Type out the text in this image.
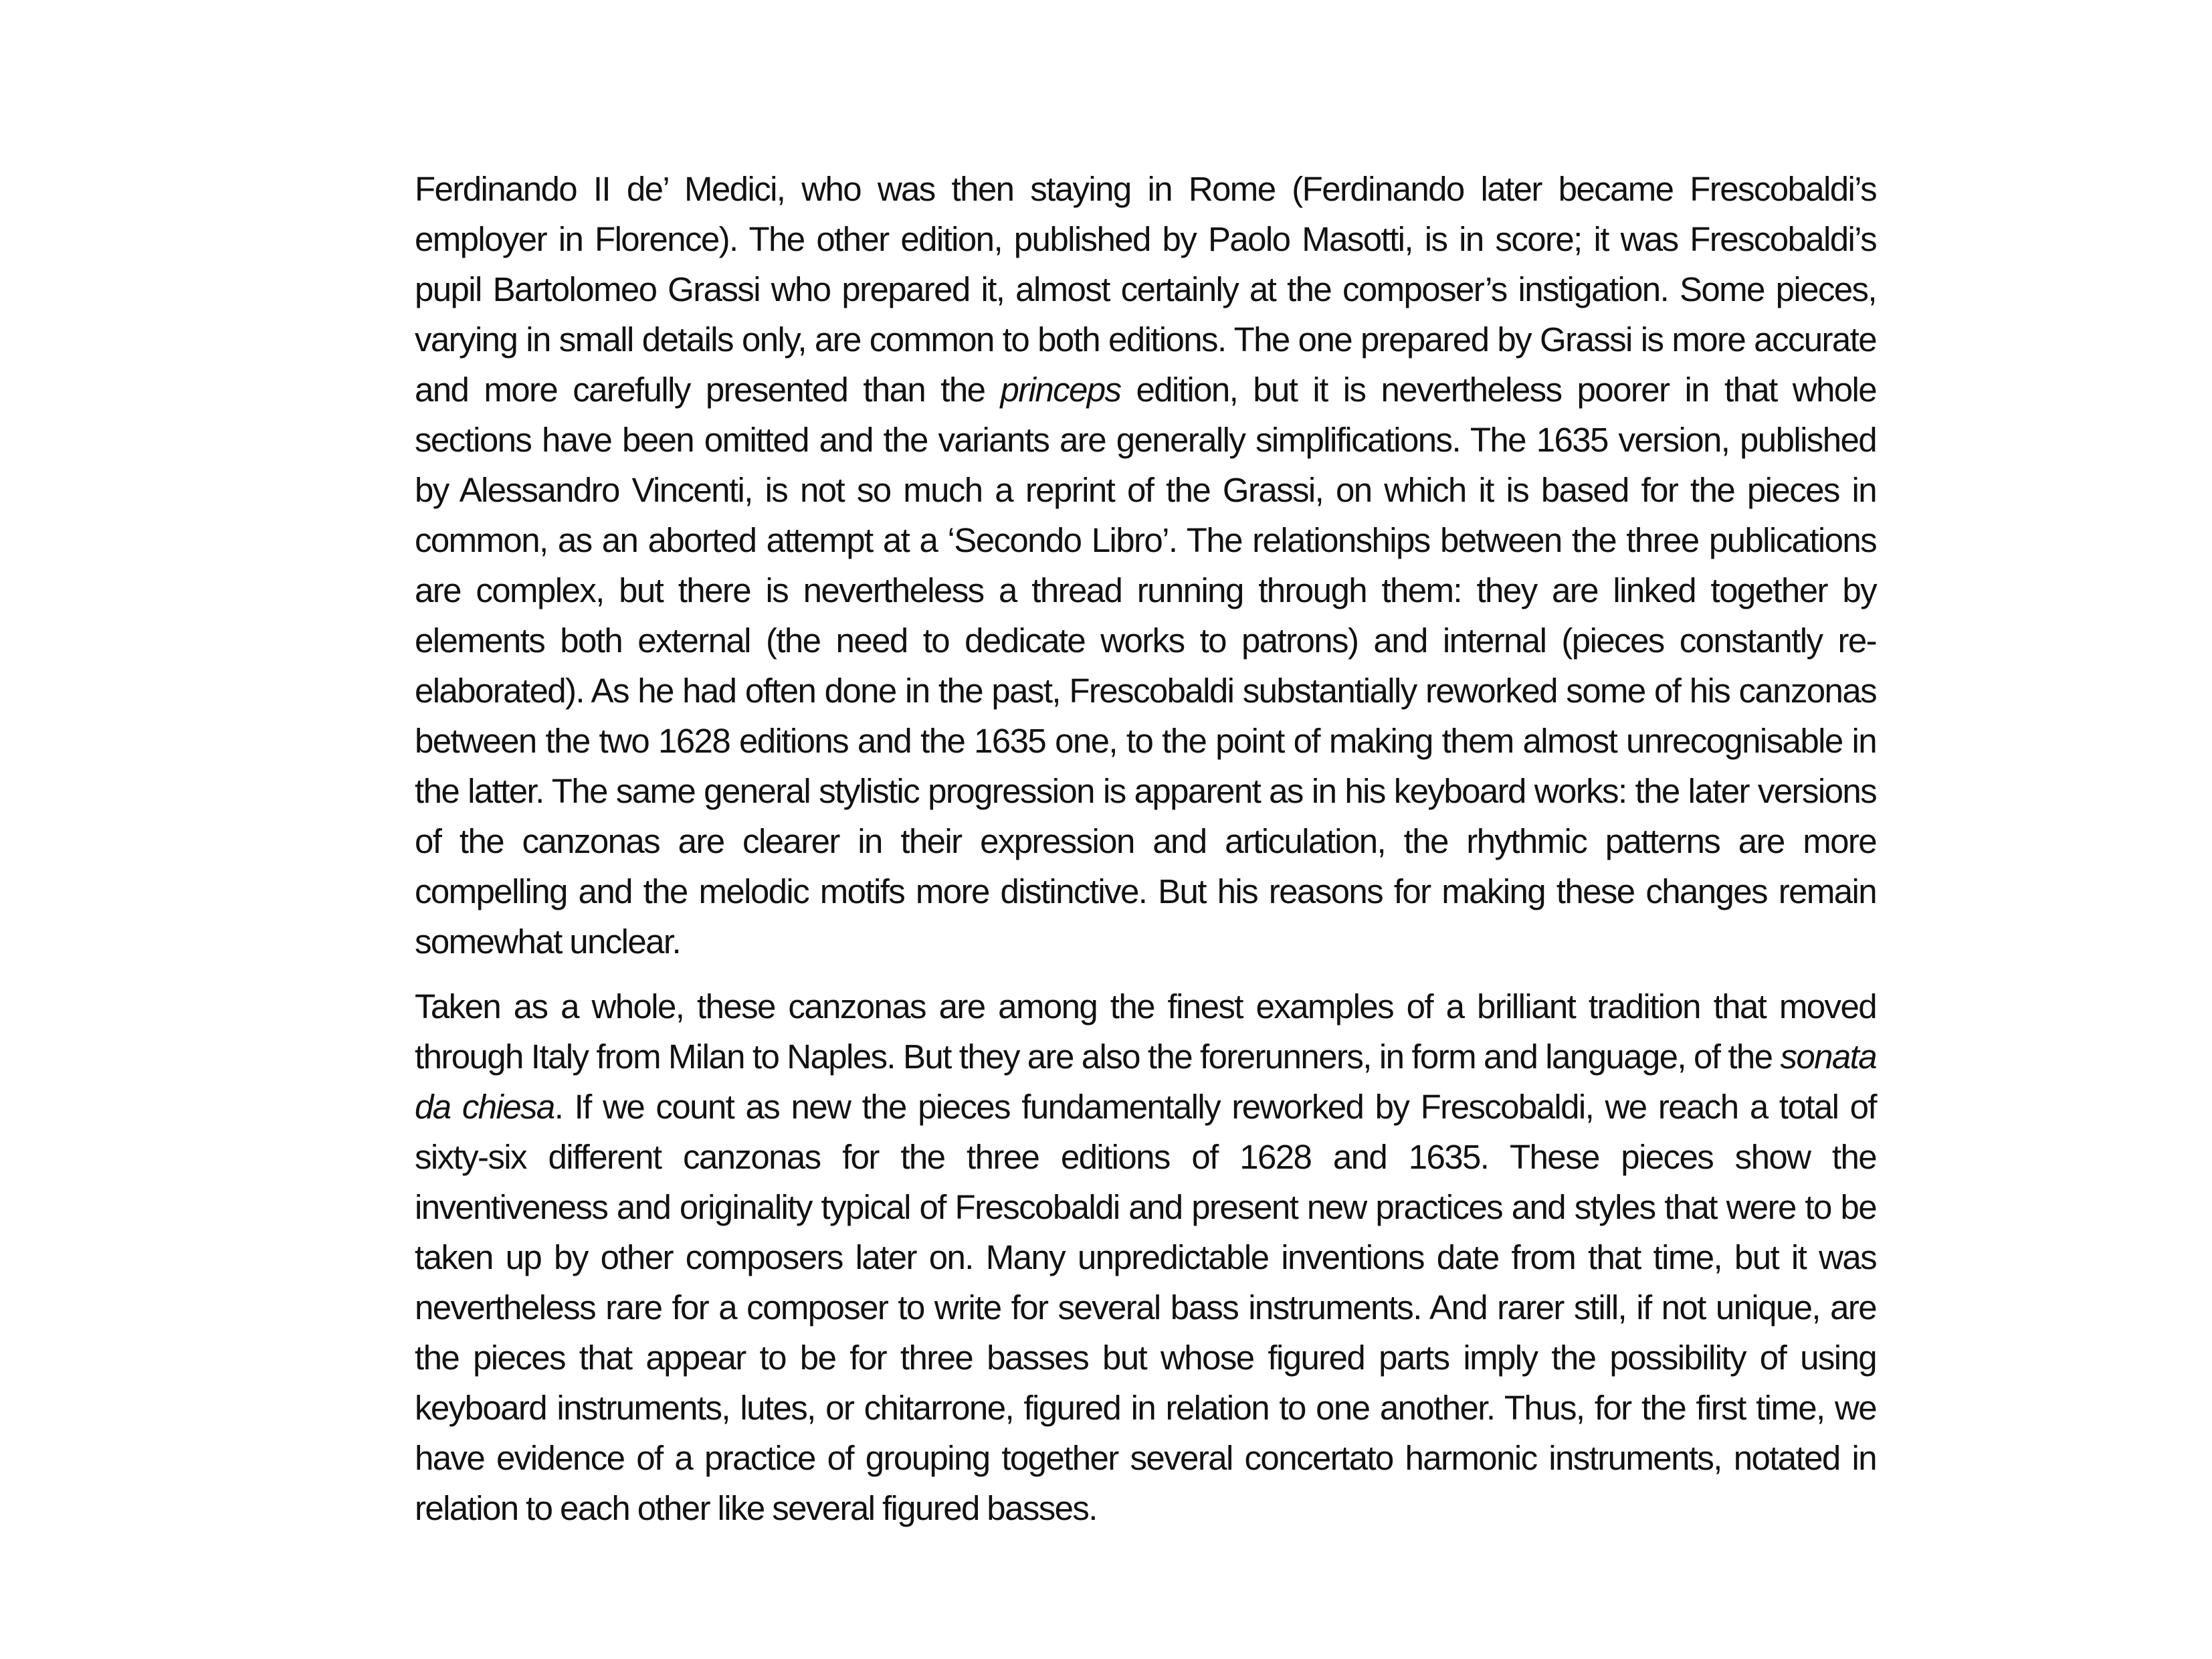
Ferdinando II de’ Medici, who was then staying in Rome (Ferdinando later became Frescobaldi’s employer in Florence). The other edition, published by Paolo Masotti, is in score; it was Frescobaldi’s pupil Bartolomeo Grassi who prepared it, almost certainly at the composer’s instigation. Some pieces, varying in small details only, are common to both editions. The one prepared by Grassi is more accurate and more carefully presented than the princeps edition, but it is nevertheless poorer in that whole sections have been omitted and the variants are generally simplifications. The 1635 version, published by Alessandro Vincenti, is not so much a reprint of the Grassi, on which it is based for the pieces in common, as an aborted attempt at a ‘Secondo Libro’. The relationships between the three publications are complex, but there is nevertheless a thread running through them: they are linked together by elements both external (the need to dedicate works to patrons) and internal (pieces constantly re-elaborated). As he had often done in the past, Frescobaldi substantially reworked some of his canzonas between the two 1628 editions and the 1635 one, to the point of making them almost unrecognisable in the latter. The same general stylistic progression is apparent as in his keyboard works: the later versions of the canzonas are clearer in their expression and articulation, the rhythmic patterns are more compelling and the melodic motifs more distinctive. But his reasons for making these changes remain somewhat unclear.

Taken as a whole, these canzonas are among the finest examples of a brilliant tradition that moved through Italy from Milan to Naples. But they are also the forerunners, in form and language, of the sonata da chiesa. If we count as new the pieces fundamentally reworked by Frescobaldi, we reach a total of sixty-six different canzonas for the three editions of 1628 and 1635. These pieces show the inventiveness and originality typical of Frescobaldi and present new practices and styles that were to be taken up by other composers later on. Many unpredictable inventions date from that time, but it was nevertheless rare for a composer to write for several bass instruments. And rarer still, if not unique, are the pieces that appear to be for three basses but whose figured parts imply the possibility of using keyboard instruments, lutes, or chitarrone, figured in relation to one another. Thus, for the first time, we have evidence of a practice of grouping together several concertato harmonic instruments, notated in relation to each other like several figured basses.
